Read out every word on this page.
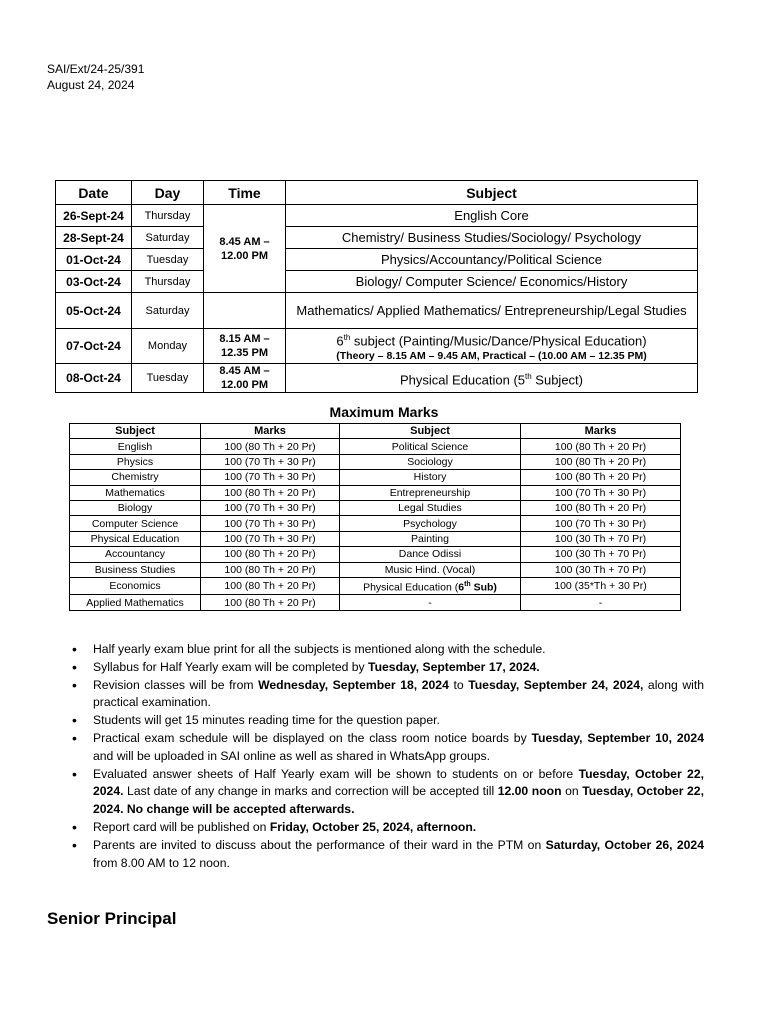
SAI/Ext/24-25/391
August 24, 2024
Date	Day	Time	Subject
26-Sept-24	Thursday	8.45 AM – 12.00 PM	English Core
28-Sept-24	Saturday		Chemistry/ Business Studies/Sociology/ Psychology
01-Oct-24	Tuesday		Physics/Accountancy/Political Science
03-Oct-24	Thursday		Biology/ Computer Science/ Economics/History
05-Oct-24	Saturday		Mathematics/ Applied Mathematics/ Entrepreneurship/Legal Studies
07-Oct-24	Monday	8.15 AM – 12.35 PM	6th subject (Painting/Music/Dance/Physical Education)
(Theory – 8.15 AM – 9.45 AM, Practical – (10.00 AM – 12.35 PM)

08-Oct-24	Tuesday	8.45 AM – 12.00 PM	Physical Education (5th Subject)
Maximum Marks
Subject	Marks	Subject	Marks
English	100 (80 Th + 20 Pr)	Political Science	100 (80 Th + 20 Pr)
Physics	100 (70 Th + 30 Pr)	Sociology	100 (80 Th + 20 Pr)
Chemistry	100 (70 Th + 30 Pr)	History	100 (80 Th + 20 Pr)
Mathematics	100 (80 Th + 20 Pr)	Entrepreneurship	100 (70 Th + 30 Pr)
Biology	100 (70 Th + 30 Pr)	Legal Studies	100 (80 Th + 20 Pr)
Computer Science	100 (70 Th + 30 Pr)	Psychology	100 (70 Th + 30 Pr)
Physical Education	100 (70 Th + 30 Pr)	Painting	100 (30 Th + 70 Pr)
Accountancy	100 (80 Th + 20 Pr)	Dance Odissi	100 (30 Th + 70 Pr)
Business Studies	100 (80 Th + 20 Pr)	Music Hind. (Vocal)	100 (30 Th + 70 Pr)
Economics	100 (80 Th + 20 Pr)	Physical Education (6th Sub)	100 (35*Th + 30 Pr)
Applied Mathematics	100 (80 Th + 20 Pr)	-	-
• Half yearly exam blue print for all the subjects is mentioned along with the schedule.
• Syllabus for Half Yearly exam will be completed by Tuesday, September 17, 2024.
• Revision classes will be from Wednesday, September 18, 2024 to Tuesday, September 24, 2024, along with practical examination.
• Students will get 15 minutes reading time for the question paper.
• Practical exam schedule will be displayed on the class room notice boards by Tuesday, September 10, 2024 and will be uploaded in SAI online as well as shared in WhatsApp groups.
• Evaluated answer sheets of Half Yearly exam will be shown to students on or before Tuesday, October 22, 2024. Last date of any change in marks and correction will be accepted till 12.00 noon on Tuesday, October 22, 2024. No change will be accepted afterwards.
• Report card will be published on Friday, October 25, 2024, afternoon.
• Parents are invited to discuss about the performance of their ward in the PTM on Saturday, October 26, 2024 from 8.00 AM to 12 noon.
Senior Principal
